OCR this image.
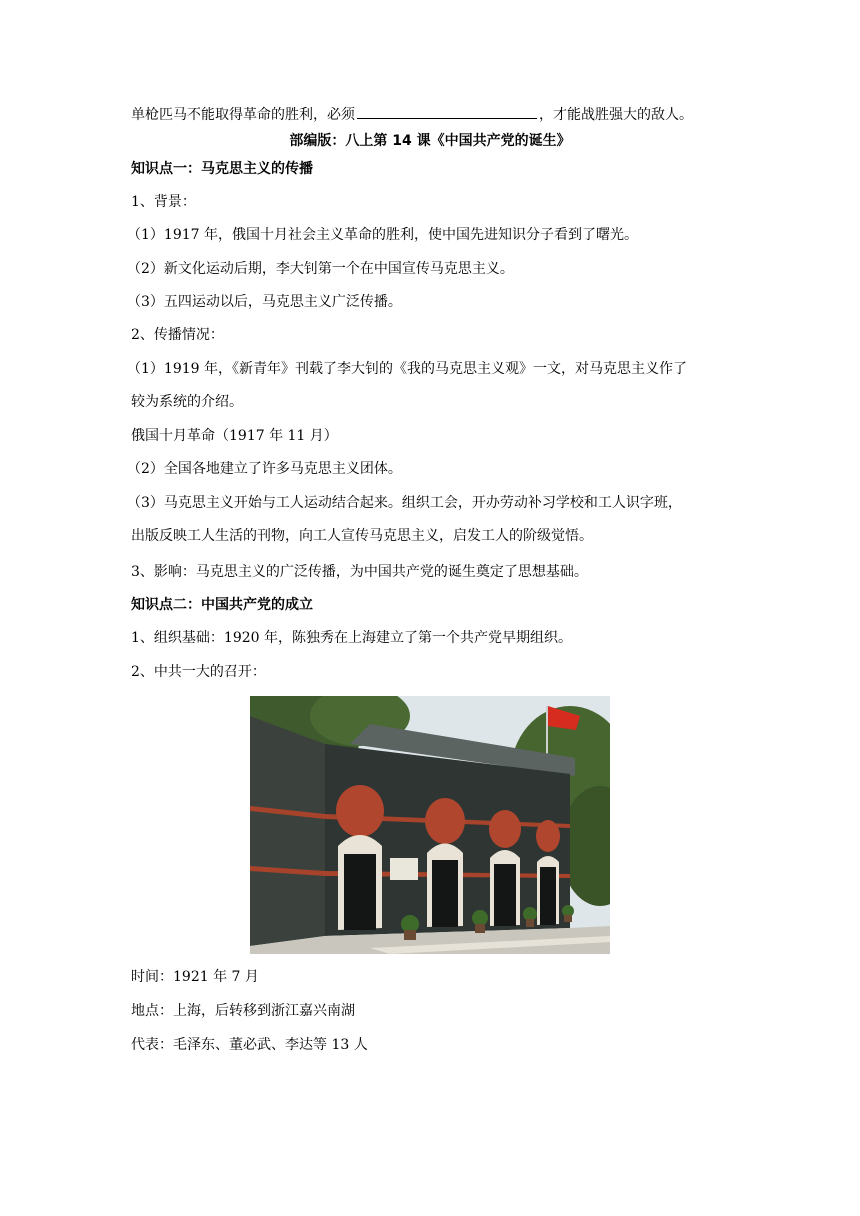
单枪匹马不能取得革命的胜利，必须	，才能战胜强大的敌人。
部编版：八上第 14 课《中国共产党的诞生》
知识点一：马克思主义的传播
1、背景：
（1）1917 年，俄国十月社会主义革命的胜利，使中国先进知识分子看到了曙光。
（2）新文化运动后期，李大钊第一个在中国宣传马克思主义。
（3）五四运动以后，马克思主义广泛传播。
2、传播情况：
（1）1919 年，《新青年》刊载了李大钊的《我的马克思主义观》一文，对马克思主义作了
较为系统的介绍。
俄国十月革命（1917 年 11 月）
（2）全国各地建立了许多马克思主义团体。
（3）马克思主义开始与工人运动结合起来。组织工会，开办劳动补习学校和工人识字班，
出版反映工人生活的刊物，向工人宣传马克思主义，启发工人的阶级觉悟。
3、影响：马克思主义的广泛传播，为中国共产党的诞生奠定了思想基础。
知识点二：中国共产党的成立
1、组织基础：1920 年，陈独秀在上海建立了第一个共产党早期组织。
2、中共一大的召开：
时间：1921 年 7 月
地点：上海，后转移到浙江嘉兴南湖
代表：毛泽东、董必武、李达等 13 人
